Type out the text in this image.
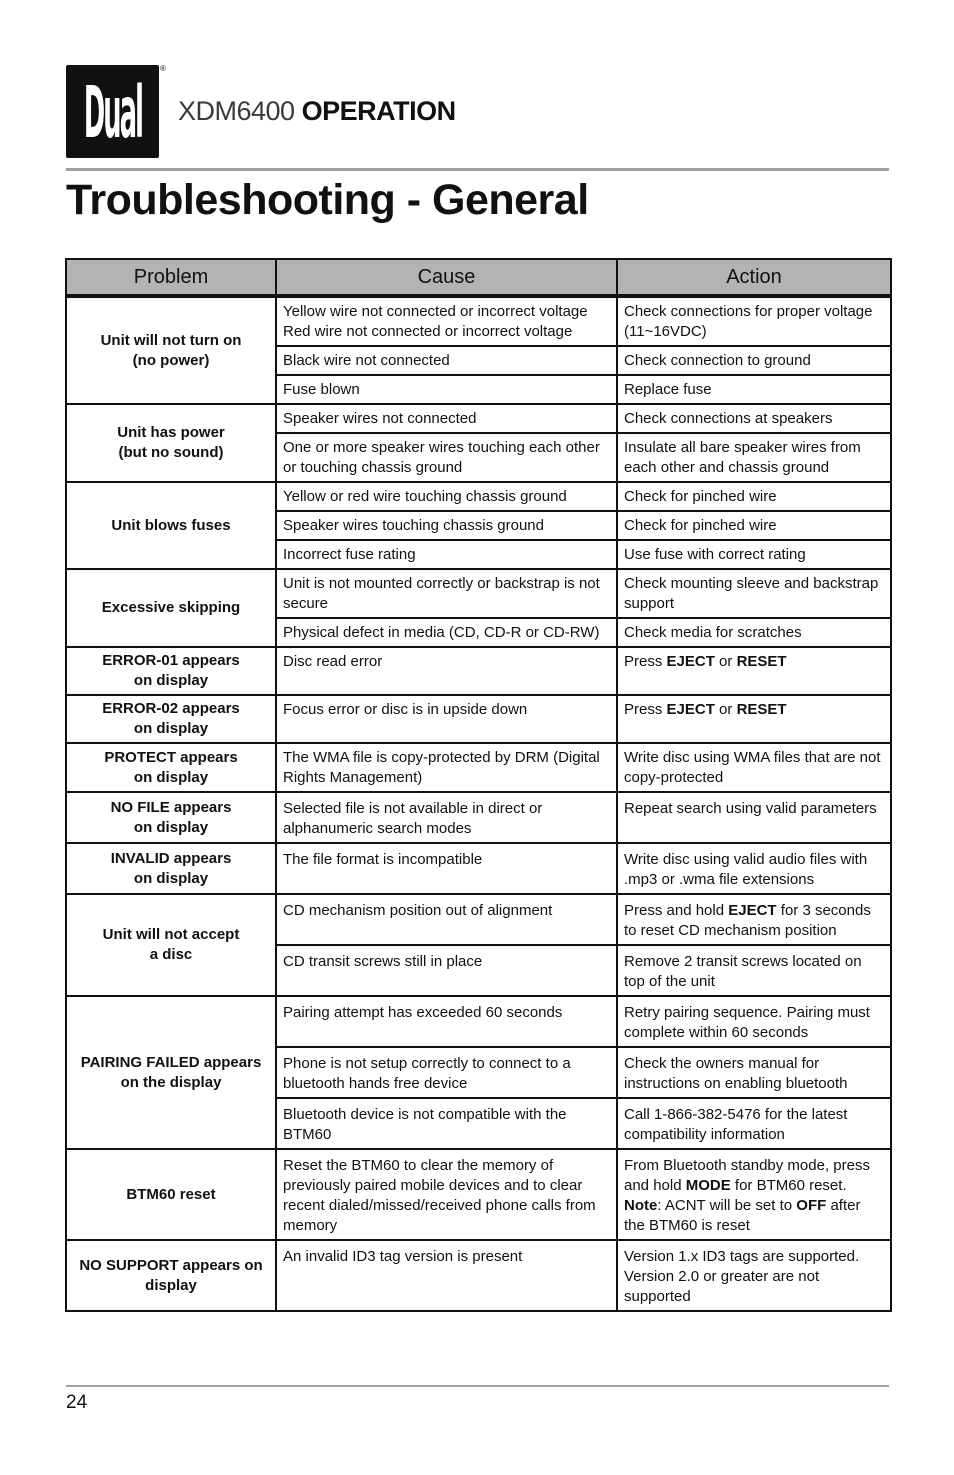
Dual
®
XDM6400 OPERATION
Troubleshooting - General
Problem	Cause	Action

Unit will not turn on
(no power)	Yellow wire not connected or incorrect voltage Red wire not connected or incorrect voltage	Check connections for proper voltage (11~16VDC)
	Black wire not connected	Check connection to ground
	Fuse blown	Replace fuse

Unit has power
(but no sound)	Speaker wires not connected	Check connections at speakers
	One or more speaker wires touching each other or touching chassis ground	Insulate all bare speaker wires from each other and chassis ground
Unit blows fuses	Yellow or red wire touching chassis ground	Check for pinched wire
	Speaker wires touching chassis ground	Check for pinched wire
	Incorrect fuse rating	Use fuse with correct rating
Excessive skipping	Unit is not mounted correctly or backstrap is not secure	Check mounting sleeve and backstrap support
	Physical defect in media (CD, CD-R or CD-RW)	Check media for scratches

ERROR-01 appears
on display	Disc read error	Press EJECT or RESET

ERROR-02 appears
on display	Focus error or disc is in upside down	Press EJECT or RESET

PROTECT appears
on display	The WMA file is copy-protected by DRM (Digital Rights Management)	Write disc using WMA files that are not copy-protected

NO FILE appears
on display	Selected file is not available in direct or alphanumeric search modes	Repeat search using valid parameters

INVALID appears
on display	The file format is incompatible	Write disc using valid audio files with .mp3 or .wma file extensions

Unit will not accept
a disc	CD mechanism position out of alignment	Press and hold EJECT for 3 seconds to reset CD mechanism position
	CD transit screws still in place	Remove 2 transit screws located on top of the unit

PAIRING FAILED appears
on the display	Pairing attempt has exceeded 60 seconds	Retry pairing sequence. Pairing must complete within 60 seconds
	Phone is not setup correctly to connect to a bluetooth hands free device	Check the owners manual for instructions on enabling bluetooth
	Bluetooth device is not compatible with the BTM60	Call 1-866-382-5476 for the latest compatibility information
BTM60 reset	Reset the BTM60 to clear the memory of previously paired mobile devices and to clear recent dialed/missed/received phone calls from memory	From Bluetooth standby mode, press and hold MODE for BTM60 reset. Note: ACNT will be set to OFF after the BTM60 is reset
NO SUPPORT appears on display	An invalid ID3 tag version is present	Version 1.x ID3 tags are supported. Version 2.0 or greater are not supported
24
